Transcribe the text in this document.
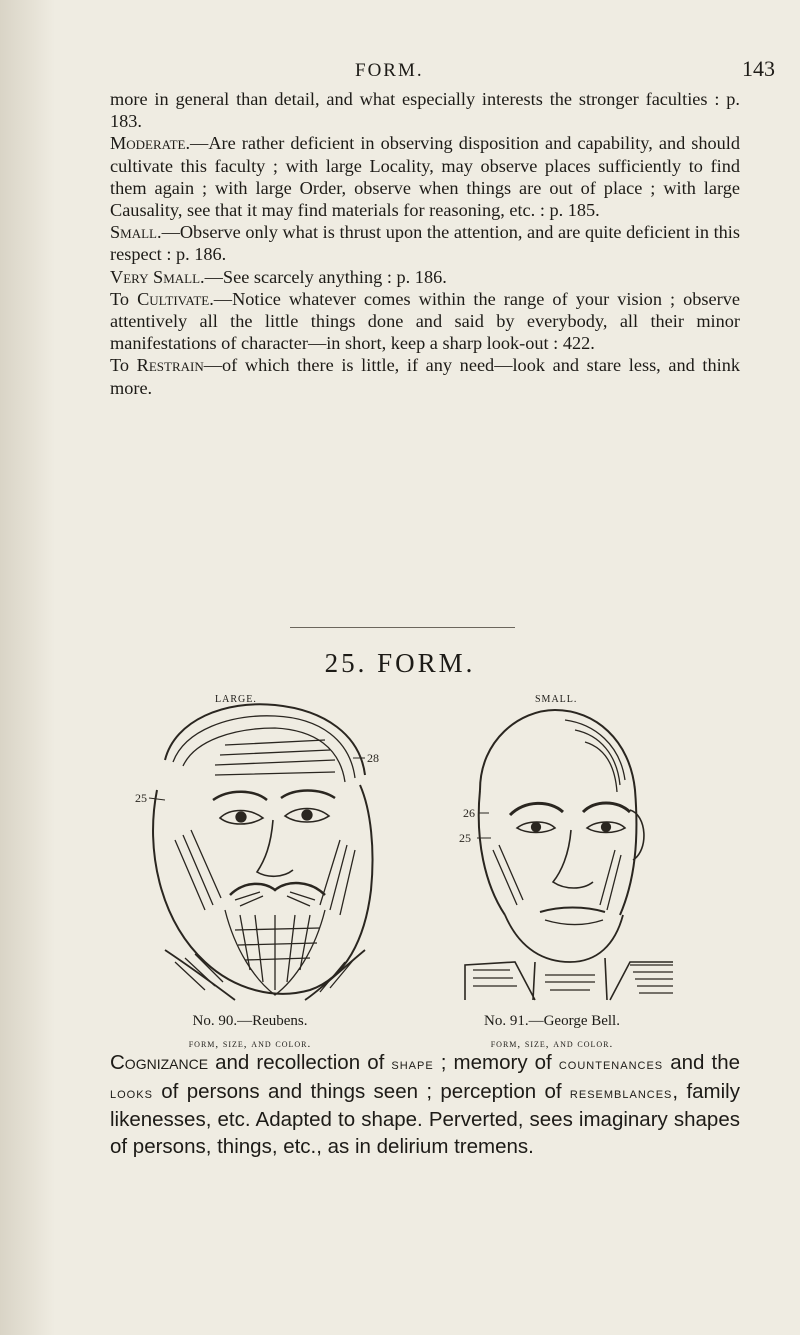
FORM.	143

more in general than detail, and what especially interests the stronger faculties : p. 183.

Moderate.—Are rather deficient in observing disposition and capability, and should cultivate this faculty ; with large Locality, may observe places sufficiently to find them again ; with large Order, observe when things are out of place ; with large Causality, see that it may find materials for reasoning, etc. : p. 185.

Small.—Observe only what is thrust upon the attention, and are quite deficient in this respect : p. 186.

Very Small.—See scarcely anything : p. 186.

To Cultivate.—Notice whatever comes within the range of your vision ; observe attentively all the little things done and said by everybody, all their minor manifestations of character—in short, keep a sharp look-out : 422.

To Restrain—of which there is little, if any need—look and stare less, and think more.

25. FORM.
LARGE.	SMALL.
28
25
26
25
No. 90.—Reubens.
form, size, and color.
No. 91.—George Bell.
form, size, and color.

Cognizance and recollection of shape ; memory of countenances and the looks of persons and things seen ; perception of resemblances, family likenesses, etc. Adapted to shape. Perverted, sees imaginary shapes of persons, things, etc., as in delirium tremens.
